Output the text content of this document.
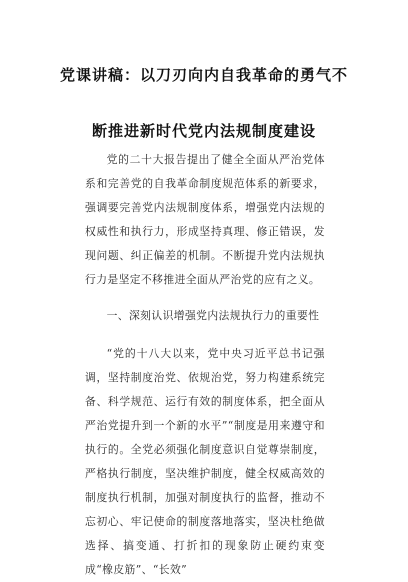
党课讲稿：以刀刃向内自我革命的勇气不
断推进新时代党内法规制度建设

党的二十大报告提出了健全全面从严治党体系和完善党的自我革命制度规范体系的新要求，强调要完善党内法规制度体系，增强党内法规的权威性和执行力，形成坚持真理、修正错误，发现问题、纠正偏差的机制。不断提升党内法规执行力是坚定不移推进全面从严治党的应有之义。

一、深刻认识增强党内法规执行力的重要性

“党的十八大以来，党中央习近平总书记强调，坚持制度治党、依规治党，努力构建系统完备、科学规范、运行有效的制度体系，把全面从严治党提升到一个新的水平”“制度是用来遵守和执行的。全党必须强化制度意识自觉尊崇制度，严格执行制度，坚决维护制度，健全权威高效的制度执行机制，加强对制度执行的监督，推动不忘初心、牢记使命的制度落地落实，坚决杜绝做选择、搞变通、打折扣的现象防止硬约束变成“橡皮筋”、“长效”
